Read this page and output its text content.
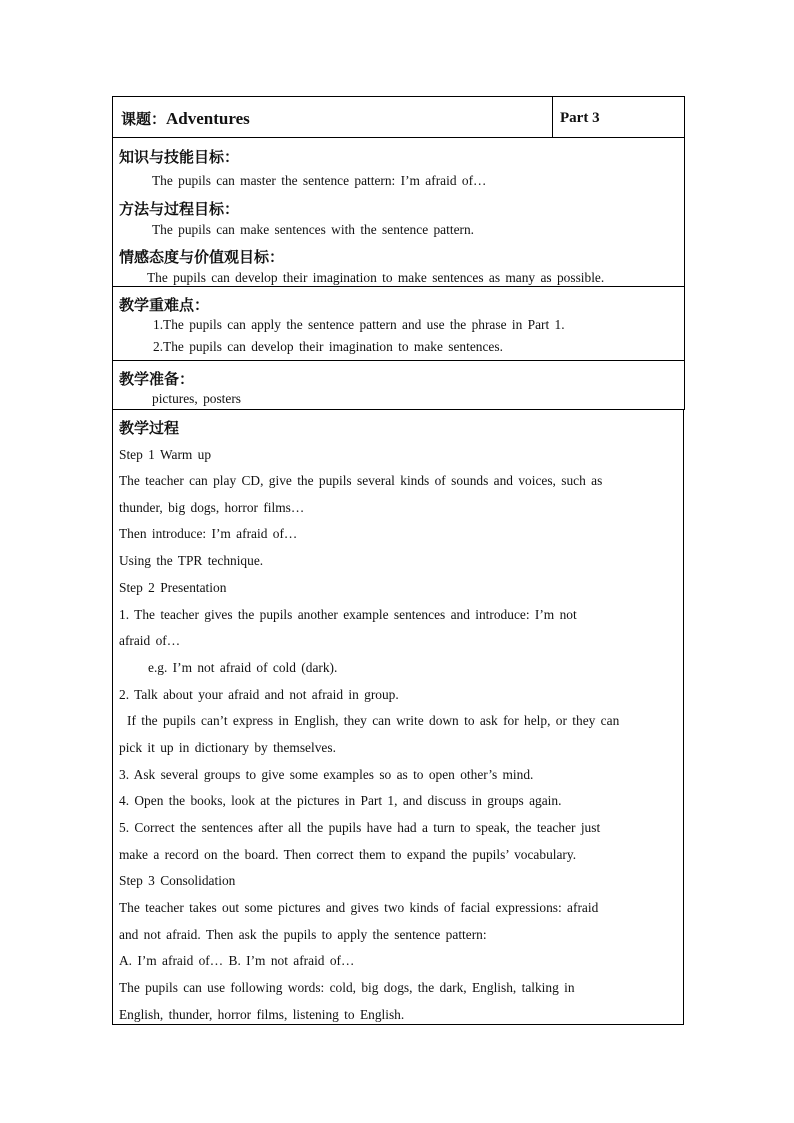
课题：Adventures	Part 3
知识与技能目标：
The pupils can master the sentence pattern: I’m afraid of…
方法与过程目标：
The pupils can make sentences with the sentence pattern.
情感态度与价值观目标：
The pupils can develop their imagination to make sentences as many as possible.
教学重难点：
1.The pupils can apply the sentence pattern and use the phrase in Part 1.
2.The pupils can develop their imagination to make sentences.
教学准备：
pictures, posters
教学过程
Step 1 Warm up
The teacher can play CD, give the pupils several kinds of sounds and voices, such as
thunder, big dogs, horror films…
Then introduce: I’m afraid of…
Using the TPR technique.
Step 2 Presentation
1. The teacher gives the pupils another example sentences and introduce: I’m not
afraid of…
e.g. I’m not afraid of cold (dark).
2. Talk about your afraid and not afraid in group.
If the pupils can’t express in English, they can write down to ask for help, or they can
pick it up in dictionary by themselves.
3. Ask several groups to give some examples so as to open other’s mind.
4. Open the books, look at the pictures in Part 1, and discuss in groups again.
5. Correct the sentences after all the pupils have had a turn to speak, the teacher just
make a record on the board. Then correct them to expand the pupils’ vocabulary.
Step 3 Consolidation
The teacher takes out some pictures and gives two kinds of facial expressions: afraid
and not afraid. Then ask the pupils to apply the sentence pattern:
A. I’m afraid of… B. I’m not afraid of…
The pupils can use following words: cold, big dogs, the dark, English, talking in
English, thunder, horror films, listening to English.
